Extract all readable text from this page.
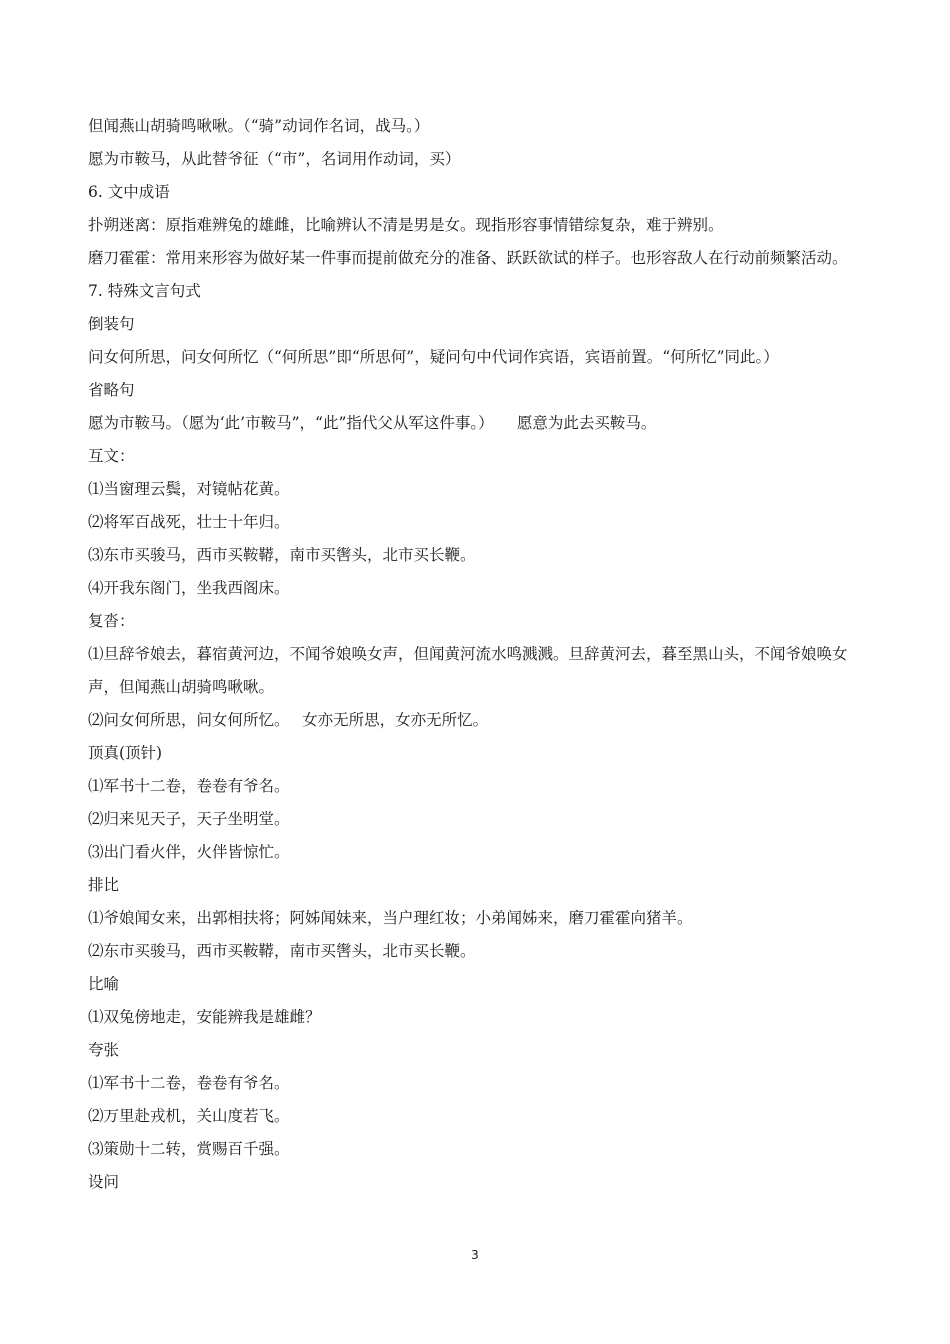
但闻燕山胡骑鸣啾啾。（“骑”动词作名词，战马。）
愿为市鞍马，从此替爷征（“市”，名词用作动词，买）
6. 文中成语
扑朔迷离：原指难辨兔的雄雌，比喻辨认不清是男是女。现指形容事情错综复杂，难于辨别。
磨刀霍霍：常用来形容为做好某一件事而提前做充分的准备、跃跃欲试的样子。也形容敌人在行动前频繁活动。
7. 特殊文言句式
倒装句
问女何所思，问女何所忆（“何所思”即“所思何”，疑问句中代词作宾语，宾语前置。“何所忆”同此。）
省略句
愿为市鞍马。（愿为‘此’市鞍马”，“此”指代父从军这件事。）　　愿意为此去买鞍马。
互文：
⑴当窗理云鬓，对镜帖花黄。
⑵将军百战死，壮士十年归。
⑶东市买骏马，西市买鞍鞯，南市买辔头，北市买长鞭。
⑷开我东阁门，坐我西阁床。
复沓：
⑴旦辞爷娘去，暮宿黄河边，不闻爷娘唤女声，但闻黄河流水鸣溅溅。旦辞黄河去，暮至黑山头，不闻爷娘唤女声，但闻燕山胡骑鸣啾啾。
⑵问女何所思，问女何所忆。　 女亦无所思，女亦无所忆。
顶真(顶针)
⑴军书十二卷，卷卷有爷名。
⑵归来见天子，天子坐明堂。
⑶出门看火伴，火伴皆惊忙。
排比
⑴爷娘闻女来，出郭相扶将；阿姊闻妹来，当户理红妆；小弟闻姊来，磨刀霍霍向猪羊。
⑵东市买骏马，西市买鞍鞯，南市买辔头，北市买长鞭。
比喻
⑴双兔傍地走，安能辨我是雄雌？
夸张
⑴军书十二卷，卷卷有爷名。
⑵万里赴戎机，关山度若飞。
⑶策勋十二转，赏赐百千强。
设问
3
